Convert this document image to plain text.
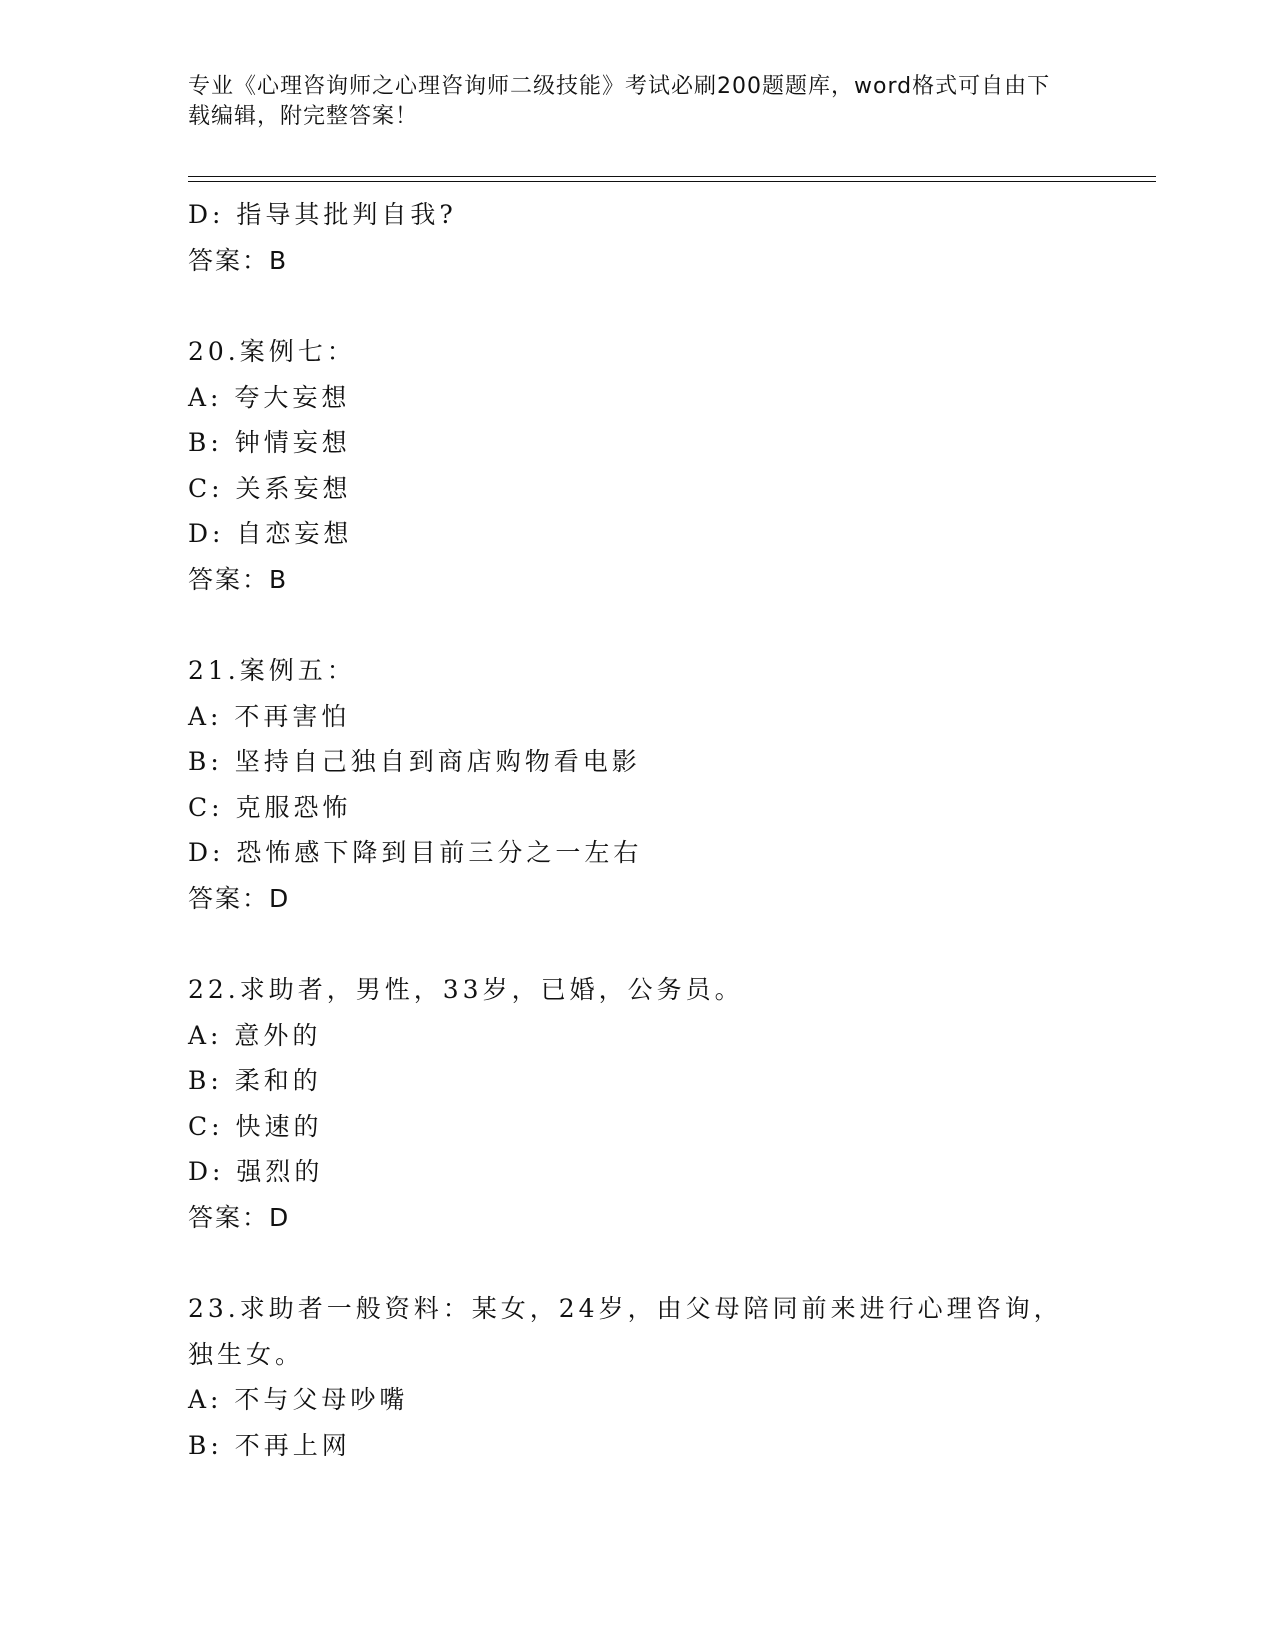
专业《心理咨询师之心理咨询师二级技能》考试必刷200题题库，word格式可自由下载编辑，附完整答案！
D: 指导其批判自我?
答案：B
20.案例七：
A: 夸大妄想
B: 钟情妄想
C: 关系妄想
D: 自恋妄想
答案：B
21.案例五：
A: 不再害怕
B: 坚持自己独自到商店购物看电影
C: 克服恐怖
D: 恐怖感下降到目前三分之一左右
答案：D
22.求助者，男性，33岁，已婚，公务员。
A: 意外的
B: 柔和的
C: 快速的
D: 强烈的
答案：D
23.求助者一般资料：某女，24岁，由父母陪同前来进行心理咨询，独生女。
A: 不与父母吵嘴
B: 不再上网
